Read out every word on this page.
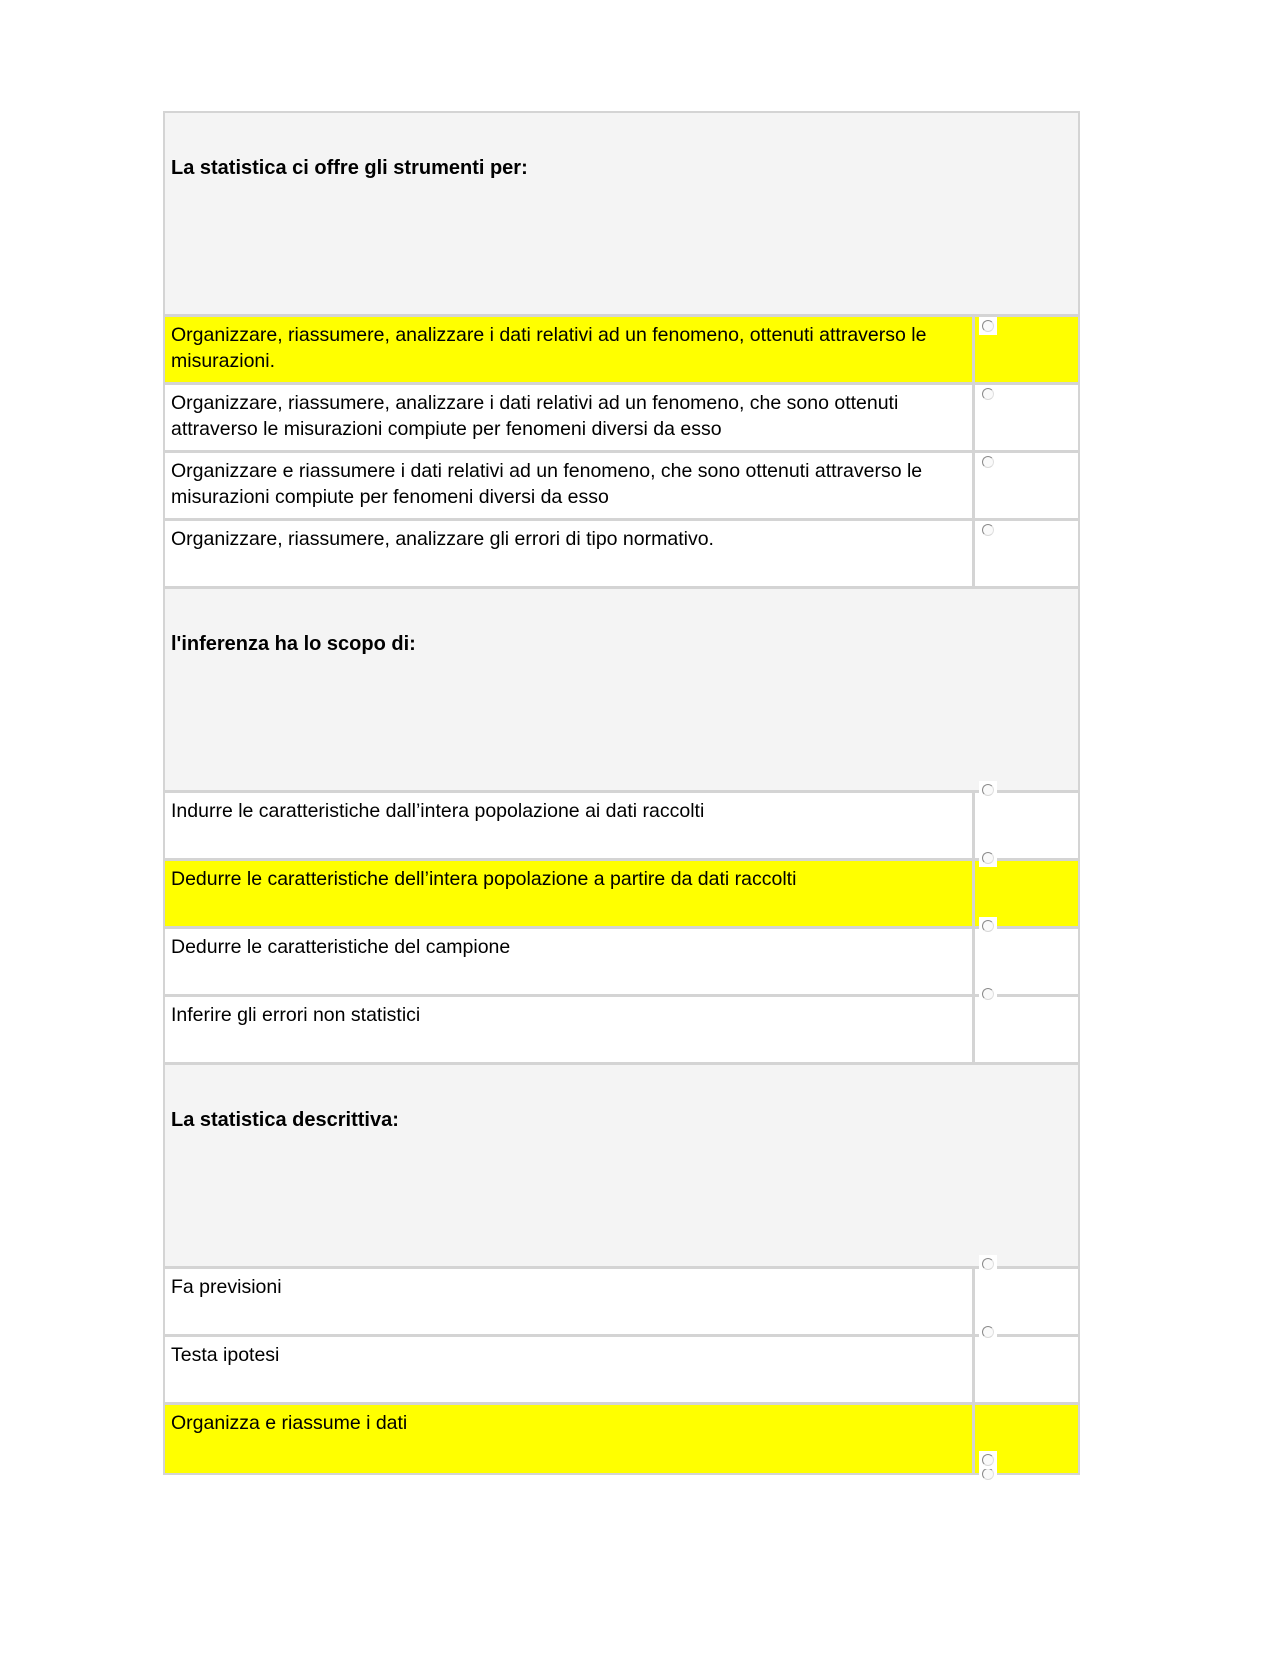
La statistica ci offre gli strumenti per:
Organizzare, riassumere, analizzare i dati relativi ad un fenomeno, ottenuti attraverso le misurazioni.
Organizzare, riassumere, analizzare i dati relativi ad un fenomeno, che sono ottenuti attraverso le misurazioni compiute per fenomeni diversi da esso
Organizzare e riassumere i dati relativi ad un fenomeno, che sono ottenuti attraverso le misurazioni compiute per fenomeni diversi da esso
Organizzare, riassumere, analizzare gli errori di tipo normativo.
l'inferenza ha lo scopo di:
Indurre le caratteristiche dall’intera popolazione ai dati raccolti
Dedurre le caratteristiche dell’intera popolazione a partire da dati raccolti
Dedurre le caratteristiche del campione
Inferire gli errori non statistici
La statistica descrittiva:
Fa previsioni
Testa ipotesi
Organizza e riassume i dati
